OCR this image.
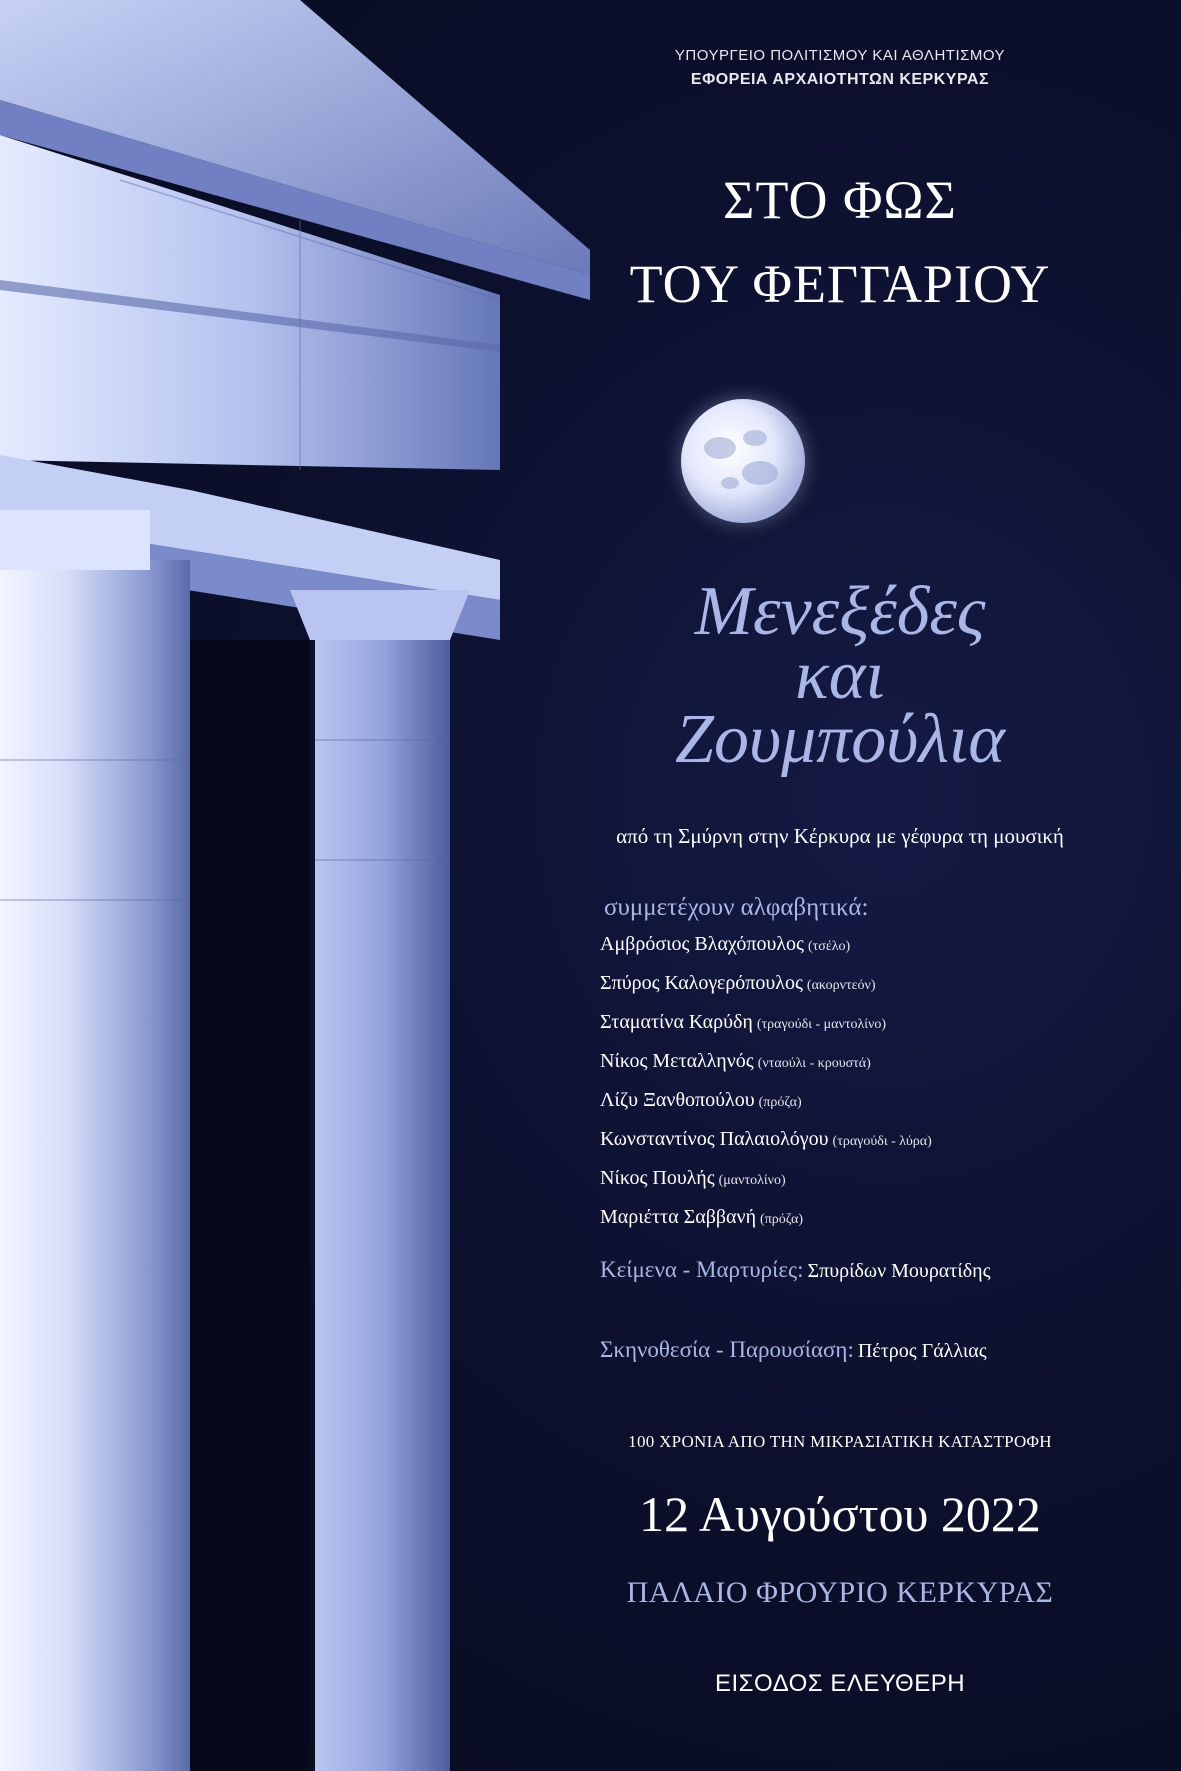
ΥΠΟΥΡΓΕΙΟ ΠΟΛΙΤΙΣΜΟΥ ΚΑΙ ΑΘΛΗΤΙΣΜΟΥ
ΕΦΟΡΕΙΑ ΑΡΧΑΙΟΤΗΤΩΝ ΚΕΡΚΥΡΑΣ
ΣΤΟ ΦΩΣ
ΤΟΥ ΦΕΓΓΑΡΙΟΥ
Μενεξέδες
και
Ζουμπούλια
από τη Σμύρνη στην Κέρκυρα με γέφυρα τη μουσική
συμμετέχουν αλφαβητικά:
Αμβρόσιος Βλαχόπουλος (τσέλο)
Σπύρος Καλογερόπουλος (ακορντεόν)
Σταματίνα Καρύδη (τραγούδι - μαντολίνο)
Νίκος Μεταλληνός (νταούλι - κρουστά)
Λίζυ Ξανθοπούλου (πρόζα)
Κωνσταντίνος Παλαιολόγου (τραγούδι - λύρα)
Νίκος Πουλής (μαντολίνο)
Μαριέττα Σαββανή (πρόζα)
Κείμενα - Μαρτυρίες: Σπυρίδων Μουρατίδης
Σκηνοθεσία - Παρουσίαση: Πέτρος Γάλλιας
100 ΧΡΟΝΙΑ ΑΠΟ ΤΗΝ ΜΙΚΡΑΣΙΑΤΙΚΗ ΚΑΤΑΣΤΡΟΦΗ
12 Αυγούστου 2022
ΠΑΛΑΙΟ ΦΡΟΥΡΙΟ ΚΕΡΚΥΡΑΣ
ΕΙΣΟΔΟΣ ΕΛΕΥΘΕΡΗ
